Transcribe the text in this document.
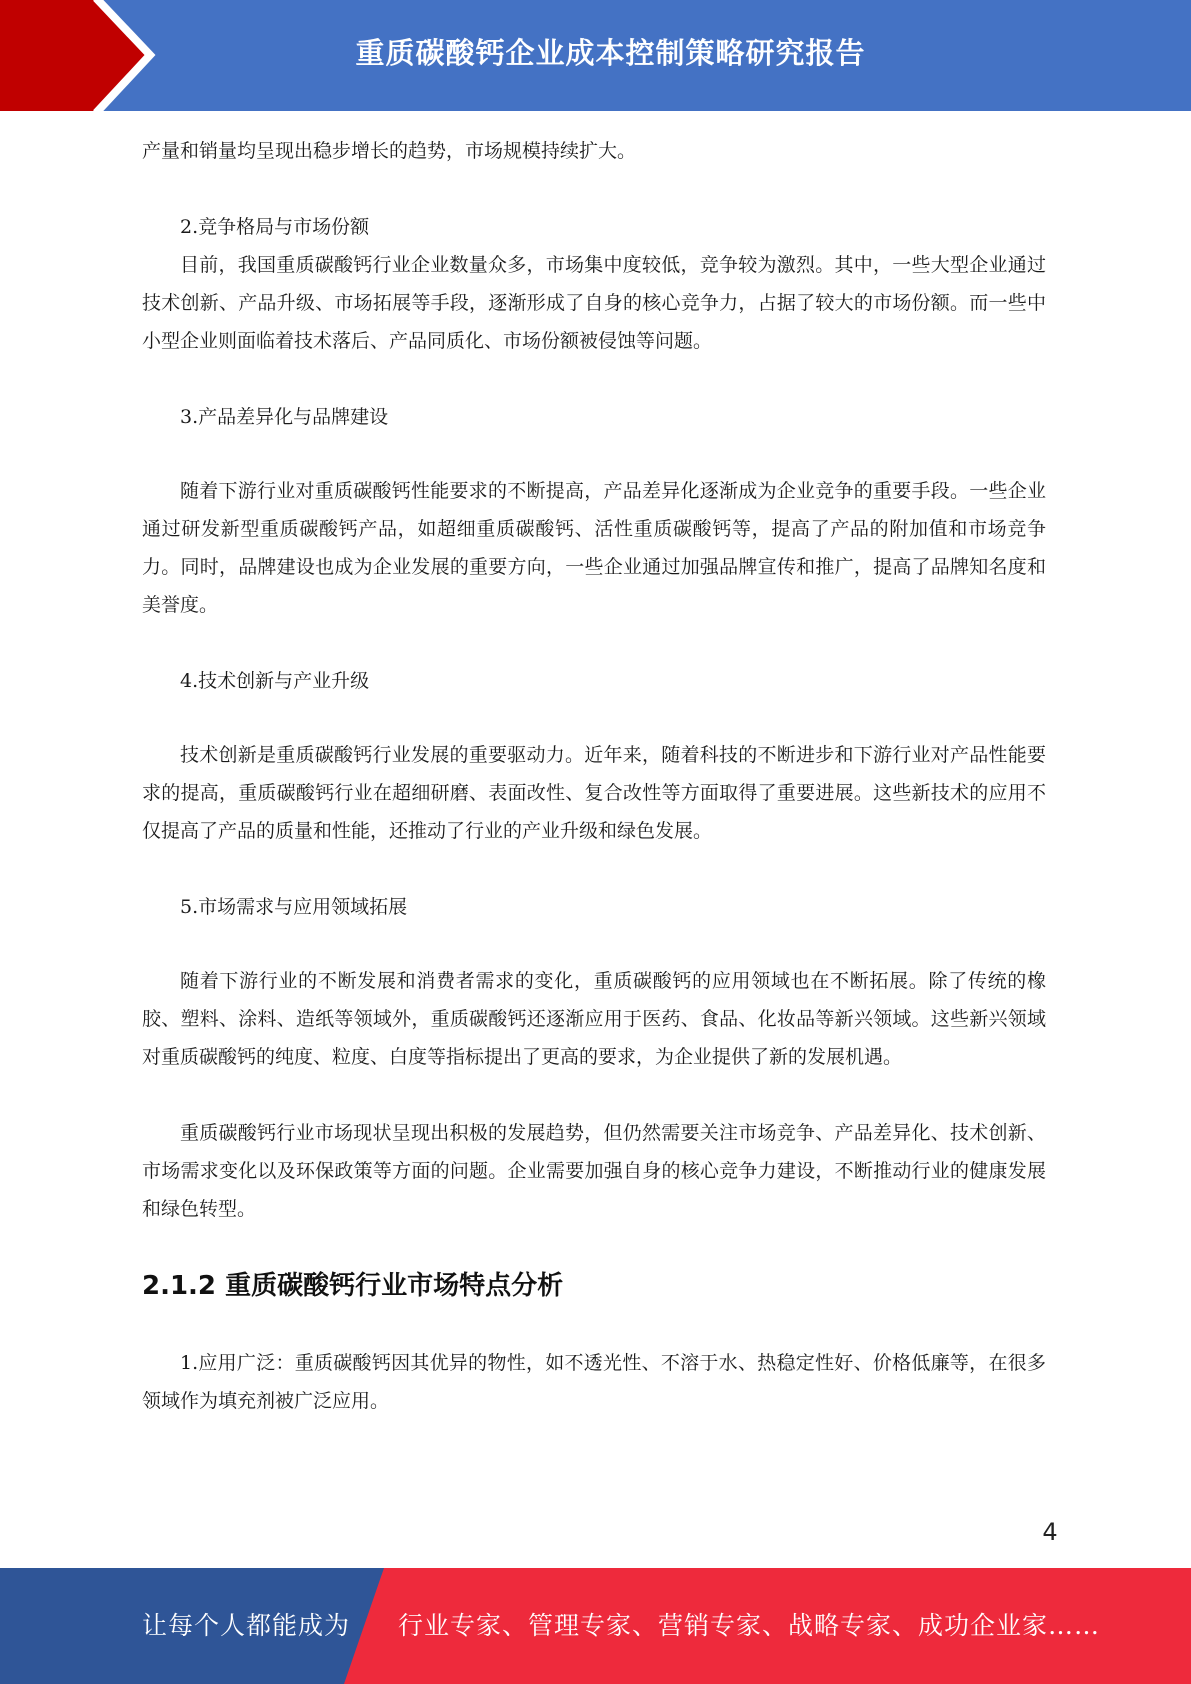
重质碳酸钙企业成本控制策略研究报告

产量和销量均呈现出稳步增长的趋势，市场规模持续扩大。

2.竞争格局与市场份额

目前，我国重质碳酸钙行业企业数量众多，市场集中度较低，竞争较为激烈。其中，一些大型企业通过技术创新、产品升级、市场拓展等手段，逐渐形成了自身的核心竞争力，占据了较大的市场份额。而一些中小型企业则面临着技术落后、产品同质化、市场份额被侵蚀等问题。

3.产品差异化与品牌建设

随着下游行业对重质碳酸钙性能要求的不断提高，产品差异化逐渐成为企业竞争的重要手段。一些企业通过研发新型重质碳酸钙产品，如超细重质碳酸钙、活性重质碳酸钙等，提高了产品的附加值和市场竞争力。同时，品牌建设也成为企业发展的重要方向，一些企业通过加强品牌宣传和推广，提高了品牌知名度和美誉度。

4.技术创新与产业升级

技术创新是重质碳酸钙行业发展的重要驱动力。近年来，随着科技的不断进步和下游行业对产品性能要求的提高，重质碳酸钙行业在超细研磨、表面改性、复合改性等方面取得了重要进展。这些新技术的应用不仅提高了产品的质量和性能，还推动了行业的产业升级和绿色发展。

5.市场需求与应用领域拓展

随着下游行业的不断发展和消费者需求的变化，重质碳酸钙的应用领域也在不断拓展。除了传统的橡胶、塑料、涂料、造纸等领域外，重质碳酸钙还逐渐应用于医药、食品、化妆品等新兴领域。这些新兴领域对重质碳酸钙的纯度、粒度、白度等指标提出了更高的要求，为企业提供了新的发展机遇。

重质碳酸钙行业市场现状呈现出积极的发展趋势，但仍然需要关注市场竞争、产品差异化、技术创新、市场需求变化以及环保政策等方面的问题。企业需要加强自身的核心竞争力建设，不断推动行业的健康发展和绿色转型。

2.1.2 重质碳酸钙行业市场特点分析

1.应用广泛：重质碳酸钙因其优异的物性，如不透光性、不溶于水、热稳定性好、价格低廉等，在很多领域作为填充剂被广泛应用。

4
让每个人都能成为 行业专家、管理专家、营销专家、战略专家、成功企业家……
